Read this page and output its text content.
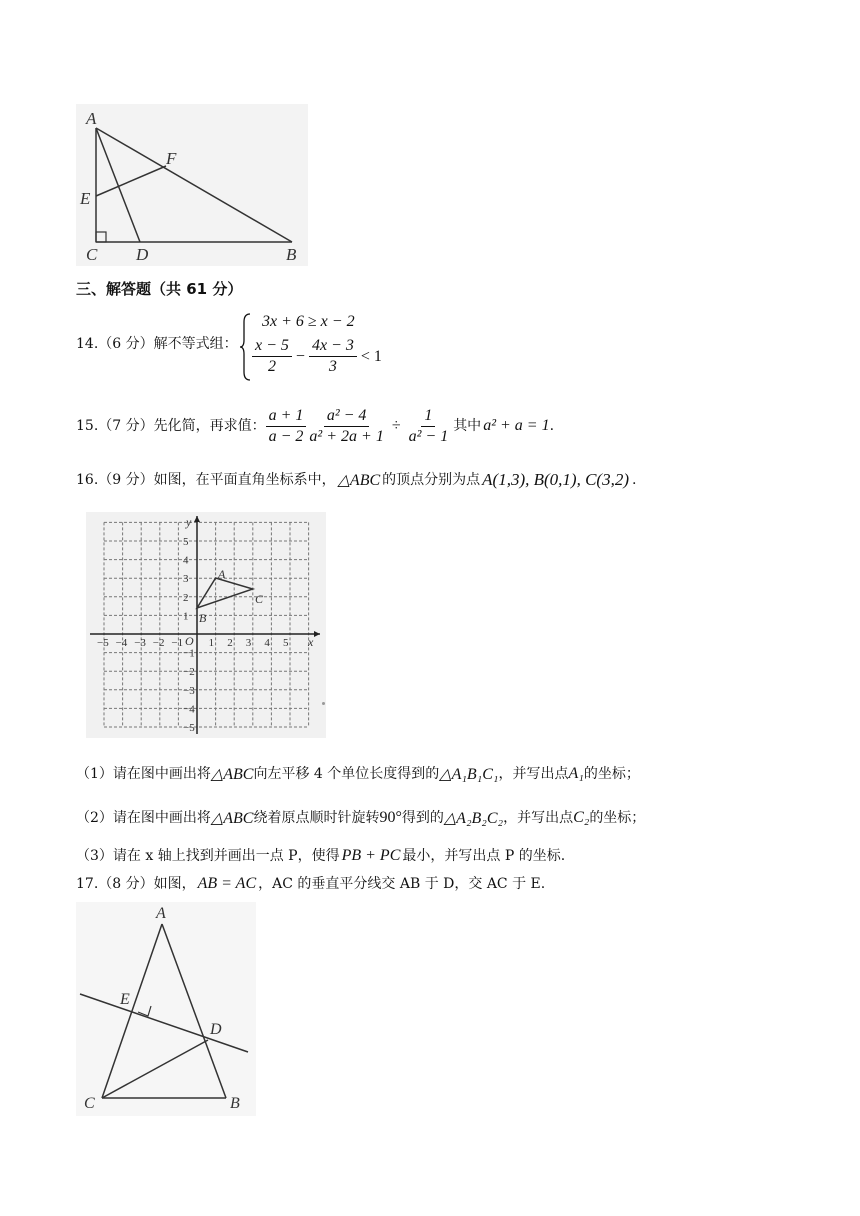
A
F
E
C D	B
三、解答题（共 61 分）
14.（6 分）解不等式组：
3x + 6 ≥ x − 2
$\frac{x - 5}{2} - \frac{4x - 3}{3} < 1$
15.（7 分）先化简，再求值： $\frac{a + 1}{a - 2} \frac{\text{a² − 4}}{\text{a² + 2a + 1}} \div \frac{1}{\text{a² − 1}}$ 其中 a² + a = 1 .
16.（9 分）如图，在平面直角坐标系中， △ABC 的顶点分别为点 A(1,3), B(0,1), C(3,2) .
y
x
O
−5 −4 −3 −2 −1 1 2 3 4 5
5
4
3
2
1
−1
−2
−3
−4
−5
A
B
C
（1）请在图中画出将 △ABC 向左平移 4 个单位长度得到的 △A₁B₁C₁ ，并写出点 A₁ 的坐标；
（2）请在图中画出将 △ABC 绕着原点顺时针旋转 90° 得到的 △A₂B₂C₂ ，并写出点 C₂ 的坐标；
（3）请在 x 轴上找到并画出一点 P，使得 PB + PC 最小，并写出点 P 的坐标.
17.（8 分）如图， AB = AC ，AC 的垂直平分线交 AB 于 D，交 AC 于 E.
A
E
D
C	B
